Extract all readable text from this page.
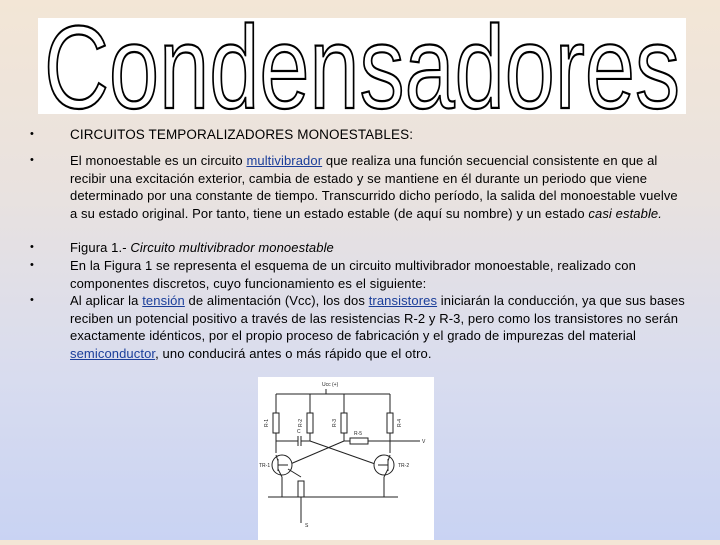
Condensadores
•	CIRCUITOS TEMPORALIZADORES MONOESTABLES:
•	El monoestable es un circuito multivibrador que realiza una función secuencial consistente en que al recibir una excitación exterior, cambia de estado y se mantiene en él durante un periodo que viene determinado por una constante de tiempo. Transcurrido dicho período, la salida del monoestable vuelve a su estado original. Por tanto, tiene un estado estable (de aquí su nombre) y un estado casi estable.
•	Figura 1.- Circuito multivibrador monoestable
•	En la Figura 1 se representa el esquema de un circuito multivibrador monoestable, realizado con componentes discretos, cuyo funcionamiento es el siguiente:
•	Al aplicar la tensión de alimentación (Vcc), los dos transistores iniciarán la conducción, ya que sus bases reciben un potencial positivo a través de las resistencias R-2 y R-3, pero como los transistores no serán exactamente idénticos, por el propio proceso de fabricación y el grado de impurezas del material semiconductor, uno conducirá antes o más rápido que el otro.
Ucc (+)
R-1	R-2	R-3	R-4
C	R-5
V
TR-1	TR-2
S
